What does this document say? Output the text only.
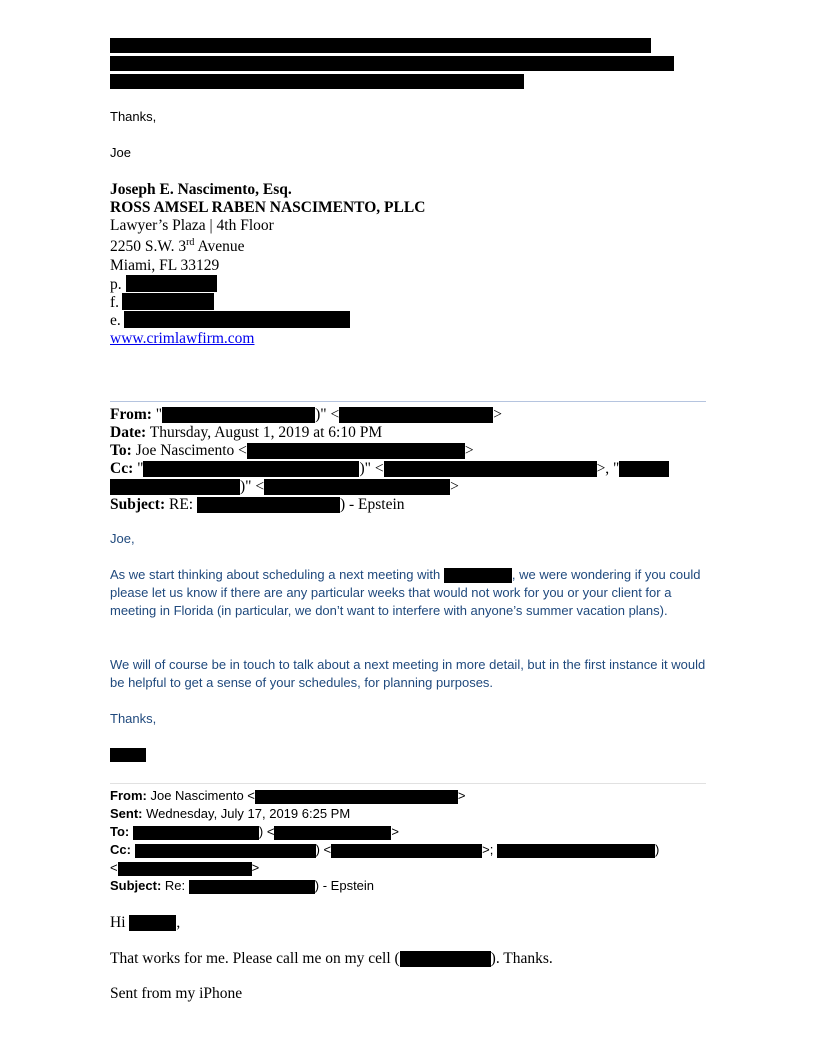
Thanks,
Joe
Joseph E. Nascimento, Esq.
ROSS AMSEL RABEN NASCIMENTO, PLLC
Lawyer’s Plaza | 4th Floor
2250 S.W. 3rd Avenue
Miami, FL 33129
p.
f.
e.
www.crimlawfirm.com
From: "	)" <	>
Date: Thursday, August 1, 2019 at 6:10 PM
To: Joe Nascimento <	>
Cc: "	)" <	>, "
)" <	>
Subject: RE:	) - Epstein
Joe,
As we start thinking about scheduling a next meeting with	, we were wondering if you could please let us know if there are any particular weeks that would not work for you or your client for a meeting in Florida (in particular, we don’t want to interfere with anyone’s summer vacation plans).
We will of course be in touch to talk about a next meeting in more detail, but in the first instance it would be helpful to get a sense of your schedules, for planning purposes.
Thanks,
From: Joe Nascimento <	>
Sent: Wednesday, July 17, 2019 6:25 PM
To:	) <	>
Cc:	) <	>;	)
<	>
Subject: Re:	) - Epstein
Hi	,
That works for me. Please call me on my cell (	). Thanks.
Sent from my iPhone
